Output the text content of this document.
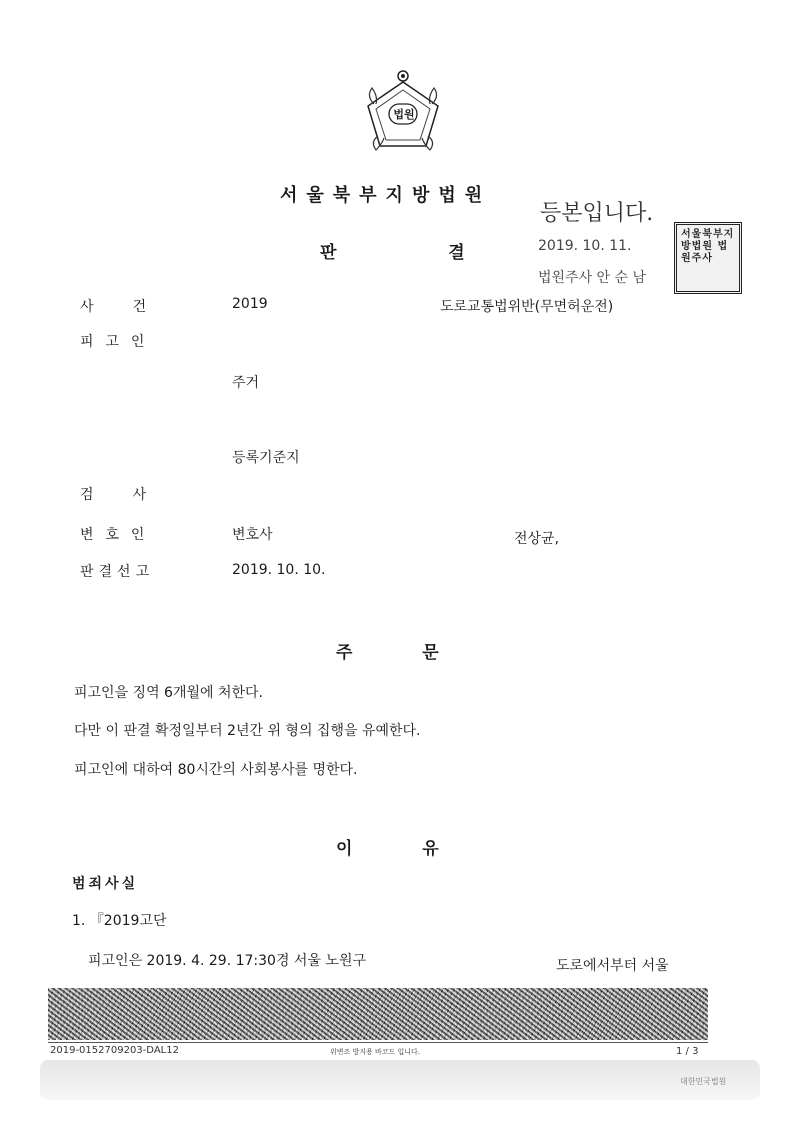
법원
서울북부지방법원
판	결
등본입니다.
2019. 10. 11.
법원주사 안 순 남
서울북부지방법원 법원주사
사       건	2019	도로교통법위반(무면허운전)
피  고  인
주거
등록기준지
검       사
변  호  인	변호사	전상균,
판결선고	2019. 10. 10.
주	문
피고인을 징역 6개월에 처한다.
다만 이 판결 확정일부터 2년간 위 형의 집행을 유예한다.
피고인에 대하여 80시간의 사회봉사를 명한다.
이	유
범죄사실
1. 『2019고단
피고인은 2019. 4. 29. 17:30경 서울 노원구	도로에서부터 서울
2019-0152709203-DAL12	위변조 방지용 바코드 입니다.	1 / 3
대한민국법원
